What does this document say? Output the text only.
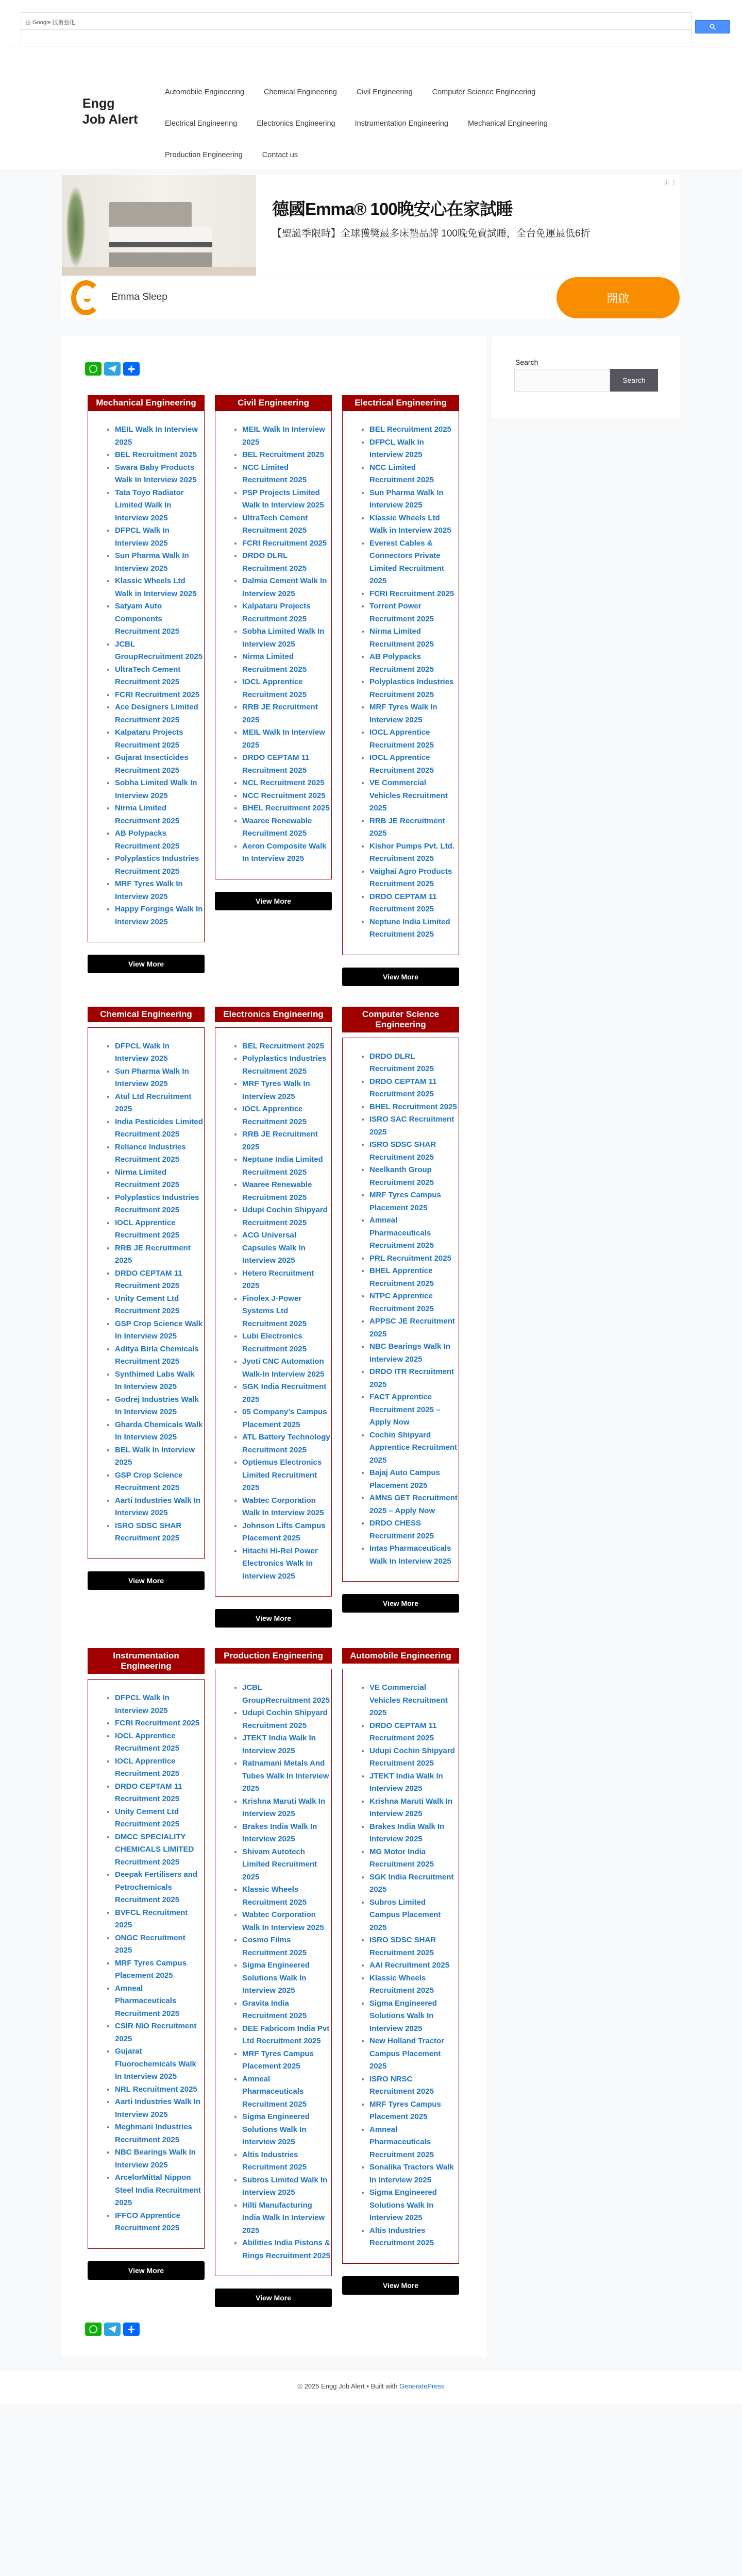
由 Google 技術強化
Engg Job Alert
Automobile Engineering	Chemical Engineering	Civil Engineering	Computer Science Engineering
Electrical Engineering	Electronics Engineering	Instrumentation Engineering	Mechanical Engineering
Production Engineering	Contact us
ⓘ ⋮
德國Emma® 100晚安心在家試睡
【聖誕季限時】全球獲獎最多床墊品牌 100晚免費試睡，全台免運最低6折
Emma Sleep	開啟
+
Mechanical Engineering
• MEIL Walk In Interview 2025
• BEL Recruitment 2025
• Swara Baby Products Walk In Interview 2025
• Tata Toyo Radiator Limited Walk In Interview 2025
• DFPCL Walk In Interview 2025
• Sun Pharma Walk In Interview 2025
• Klassic Wheels Ltd Walk in Interview 2025
• Satyam Auto Components Recruitment 2025
• JCBL GroupRecruitment 2025
• UltraTech Cement Recruitment 2025
• FCRI Recruitment 2025
• Ace Designers Limited Recruitment 2025
• Kalpataru Projects Recruitment 2025
• Gujarat Insecticides Recruitment 2025
• Sobha Limited Walk In Interview 2025
• Nirma Limited Recruitment 2025
• AB Polypacks Recruitment 2025
• Polyplastics Industries Recruitment 2025
• MRF Tyres Walk In Interview 2025
• Happy Forgings Walk In Interview 2025
View More
Civil Engineering
• MEIL Walk In Interview 2025
• BEL Recruitment 2025
• NCC Limited Recruitment 2025
• PSP Projects Limited Walk In Interview 2025
• UltraTech Cement Recruitment 2025
• FCRI Recruitment 2025
• DRDO DLRL Recruitment 2025
• Dalmia Cement Walk In Interview 2025
• Kalpataru Projects Recruitment 2025
• Sobha Limited Walk In Interview 2025
• Nirma Limited Recruitment 2025
• IOCL Apprentice Recruitment 2025
• RRB JE Recruitment 2025
• MEIL Walk In Interview 2025
• DRDO CEPTAM 11 Recruitment 2025
• NCL Recruitment 2025
• NCC Recruitment 2025
• BHEL Recruitment 2025
• Waaree Renewable Recruitment 2025
• Aeron Composite Walk In Interview 2025
View More
Electrical Engineering
• BEL Recruitment 2025
• DFPCL Walk In Interview 2025
• NCC Limited Recruitment 2025
• Sun Pharma Walk In Interview 2025
• Klassic Wheels Ltd Walk in Interview 2025
• Everest Cables & Connectors Private Limited Recruitment 2025
• FCRI Recruitment 2025
• Torrent Power Recruitment 2025
• Nirma Limited Recruitment 2025
• AB Polypacks Recruitment 2025
• Polyplastics Industries Recruitment 2025
• MRF Tyres Walk In Interview 2025
• IOCL Apprentice Recruitment 2025
• IOCL Apprentice Recruitment 2025
• VE Commercial Vehicles Recruitment 2025
• RRB JE Recruitment 2025
• Kishor Pumps Pvt. Ltd. Recruitment 2025
• Vaighai Agro Products Recruitment 2025
• DRDO CEPTAM 11 Recruitment 2025
• Neptune India Limited Recruitment 2025
View More
Chemical Engineering
• DFPCL Walk In Interview 2025
• Sun Pharma Walk In Interview 2025
• Atul Ltd Recruitment 2025
• India Pesticides Limited Recruitment 2025
• Reliance Industries Recruitment 2025
• Nirma Limited Recruitment 2025
• Polyplastics Industries Recruitment 2025
• IOCL Apprentice Recruitment 2025
• RRB JE Recruitment 2025
• DRDO CEPTAM 11 Recruitment 2025
• Unity Cement Ltd Recruitment 2025
• GSP Crop Science Walk In Interview 2025
• Aditya Birla Chemicals Recruitment 2025
• Synthimed Labs Walk In Interview 2025
• Godrej Industries Walk In Interview 2025
• Gharda Chemicals Walk In Interview 2025
• BEL Walk In Interview 2025
• GSP Crop Science Recruitment 2025
• Aarti Industries Walk In Interview 2025
• ISRO SDSC SHAR Recruitment 2025
View More
Electronics Engineering
• BEL Recruitment 2025
• Polyplastics Industries Recruitment 2025
• MRF Tyres Walk In Interview 2025
• IOCL Apprentice Recruitment 2025
• RRB JE Recruitment 2025
• Neptune India Limited Recruitment 2025
• Waaree Renewable Recruitment 2025
• Udupi Cochin Shipyard Recruitment 2025
• ACG Universal Capsules Walk In Interview 2025
• Hetero Recruitment 2025
• Finolex J-Power Systems Ltd Recruitment 2025
• Lubi Electronics Recruitment 2025
• Jyoti CNC Automation Walk-In Interview 2025
• SGK India Recruitment 2025
• 05 Company’s Campus Placement 2025
• ATL Battery Technology Recruitment 2025
• Optiemus Electronics Limited Recruitment 2025
• Wabtec Corporation Walk In Interview 2025
• Johnson Lifts Campus Placement 2025
• Hitachi Hi-Rel Power Electronics Walk In Interview 2025
View More
Computer Science Engineering
• DRDO DLRL Recruitment 2025
• DRDO CEPTAM 11 Recruitment 2025
• BHEL Recruitment 2025
• ISRO SAC Recruitment 2025
• ISRO SDSC SHAR Recruitment 2025
• Neelkanth Group Recruitment 2025
• MRF Tyres Campus Placement 2025
• Amneal Pharmaceuticals Recruitment 2025
• PRL Recruitment 2025
• BHEL Apprentice Recruitment 2025
• NTPC Apprentice Recruitment 2025
• APPSC JE Recruitment 2025
• NBC Bearings Walk In Interview 2025
• DRDO ITR Recruitment 2025
• FACT Apprentice Recruitment 2025 – Apply Now
• Cochin Shipyard Apprentice Recruitment 2025
• Bajaj Auto Campus Placement 2025
• AMNS GET Recruitment 2025 – Apply Now
• DRDO CHESS Recruitment 2025
• Intas Pharmaceuticals Walk In Interview 2025
View More
Instrumentation Engineering
• DFPCL Walk In Interview 2025
• FCRI Recruitment 2025
• IOCL Apprentice Recruitment 2025
• IOCL Apprentice Recruitment 2025
• DRDO CEPTAM 11 Recruitment 2025
• Unity Cement Ltd Recruitment 2025
• DMCC SPECIALITY CHEMICALS LIMITED Recruitment 2025
• Deepak Fertilisers and Petrochemicals Recruitment 2025
• BVFCL Recruitment 2025
• ONGC Recruitment 2025
• MRF Tyres Campus Placement 2025
• Amneal Pharmaceuticals Recruitment 2025
• CSIR NIO Recruitment 2025
• Gujarat Fluorochemicals Walk In Interview 2025
• NRL Recruitment 2025
• Aarti Industries Walk In Interview 2025
• Meghmani Industries Recruitment 2025
• NBC Bearings Walk In Interview 2025
• ArcelorMittal Nippon Steel India Recruitment 2025
• IFFCO Apprentice Recruitment 2025
View More
Production Engineering
• JCBL GroupRecruitment 2025
• Udupi Cochin Shipyard Recruitment 2025
• JTEKT India Walk In Interview 2025
• Ratnamani Metals And Tubes Walk In Interview 2025
• Krishna Maruti Walk In Interview 2025
• Brakes India Walk In Interview 2025
• Shivam Autotech Limited Recruitment 2025
• Klassic Wheels Recruitment 2025
• Wabtec Corporation Walk In Interview 2025
• Cosmo Films Recruitment 2025
• Sigma Engineered Solutions Walk In Interview 2025
• Gravita India Recruitment 2025
• DEE Fabricom India Pvt Ltd Recruitment 2025
• MRF Tyres Campus Placement 2025
• Amneal Pharmaceuticals Recruitment 2025
• Sigma Engineered Solutions Walk In Interview 2025
• Altis Industries Recruitment 2025
• Subros Limited Walk In Interview 2025
• Hilti Manufacturing India Walk In Interview 2025
• Abilities India Pistons & Rings Recruitment 2025
View More
Automobile Engineering
• VE Commercial Vehicles Recruitment 2025
• DRDO CEPTAM 11 Recruitment 2025
• Udupi Cochin Shipyard Recruitment 2025
• JTEKT India Walk In Interview 2025
• Krishna Maruti Walk In Interview 2025
• Brakes India Walk In Interview 2025
• MG Motor India Recruitment 2025
• SGK India Recruitment 2025
• Subros Limited Campus Placement 2025
• ISRO SDSC SHAR Recruitment 2025
• AAI Recruitment 2025
• Klassic Wheels Recruitment 2025
• Sigma Engineered Solutions Walk In Interview 2025
• New Holland Tractor Campus Placement 2025
• ISRO NRSC Recruitment 2025
• MRF Tyres Campus Placement 2025
• Amneal Pharmaceuticals Recruitment 2025
• Sonalika Tractors Walk In Interview 2025
• Sigma Engineered Solutions Walk In Interview 2025
• Altis Industries Recruitment 2025
View More
+
Search
Search
© 2025 Engg Job Alert • Built with GeneratePress
